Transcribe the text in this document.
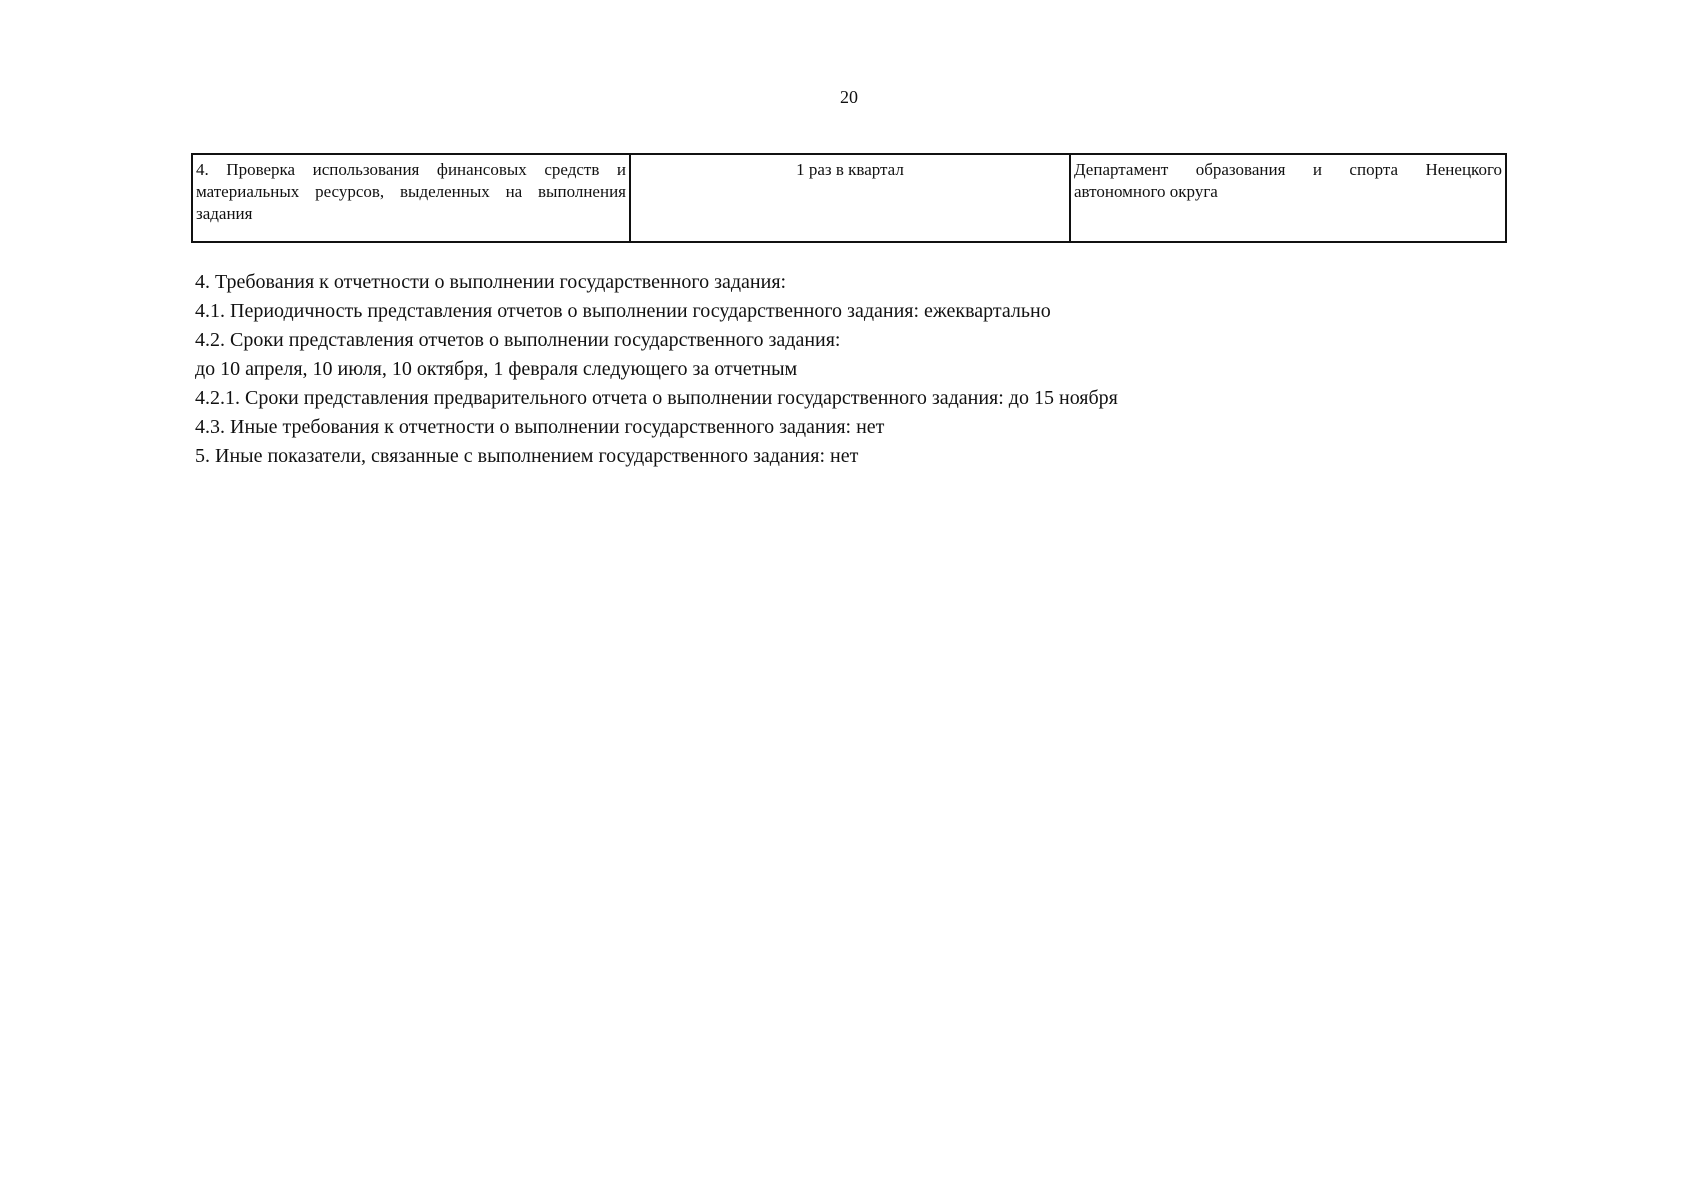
20
4. Проверка использования финансовых средств и материальных ресурсов, выделенных на выполнения задания	1 раз в квартал	Департамент образования и спорта Ненецкого автономного округа

4. Требования к отчетности о выполнении государственного задания:

4.1. Периодичность представления отчетов о выполнении государственного задания: ежеквартально

4.2. Сроки представления отчетов о выполнении государственного задания:

до 10 апреля, 10 июля, 10 октября, 1 февраля следующего за отчетным

4.2.1. Сроки представления предварительного отчета о выполнении государственного задания: до 15 ноября

4.3. Иные требования к отчетности о выполнении государственного задания: нет

5. Иные показатели, связанные с выполнением государственного задания: нет
